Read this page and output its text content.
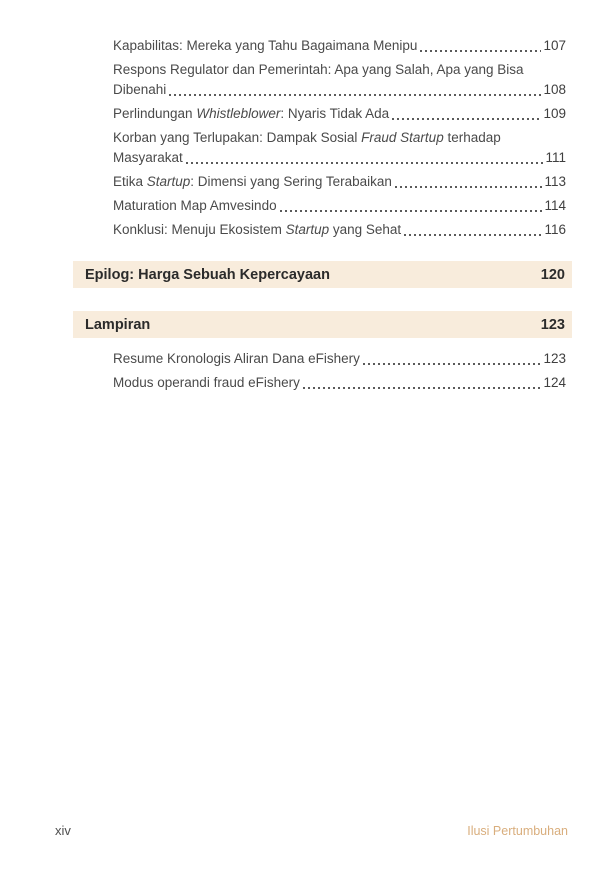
Kapabilitas: Mereka yang Tahu Bagaimana Menipu	107
Respons Regulator dan Pemerintah: Apa yang Salah, Apa yang Bisa
Dibenahi	108
Perlindungan Whistleblower: Nyaris Tidak Ada	109
Korban yang Terlupakan: Dampak Sosial Fraud Startup terhadap
Masyarakat	111
Etika Startup: Dimensi yang Sering Terabaikan	113
Maturation Map Amvesindo	114
Konklusi: Menuju Ekosistem Startup yang Sehat	116
Epilog: Harga Sebuah Kepercayaan	120
Lampiran	123
Resume Kronologis Aliran Dana eFishery	123
Modus operandi fraud eFishery	124
xiv	Ilusi Pertumbuhan
